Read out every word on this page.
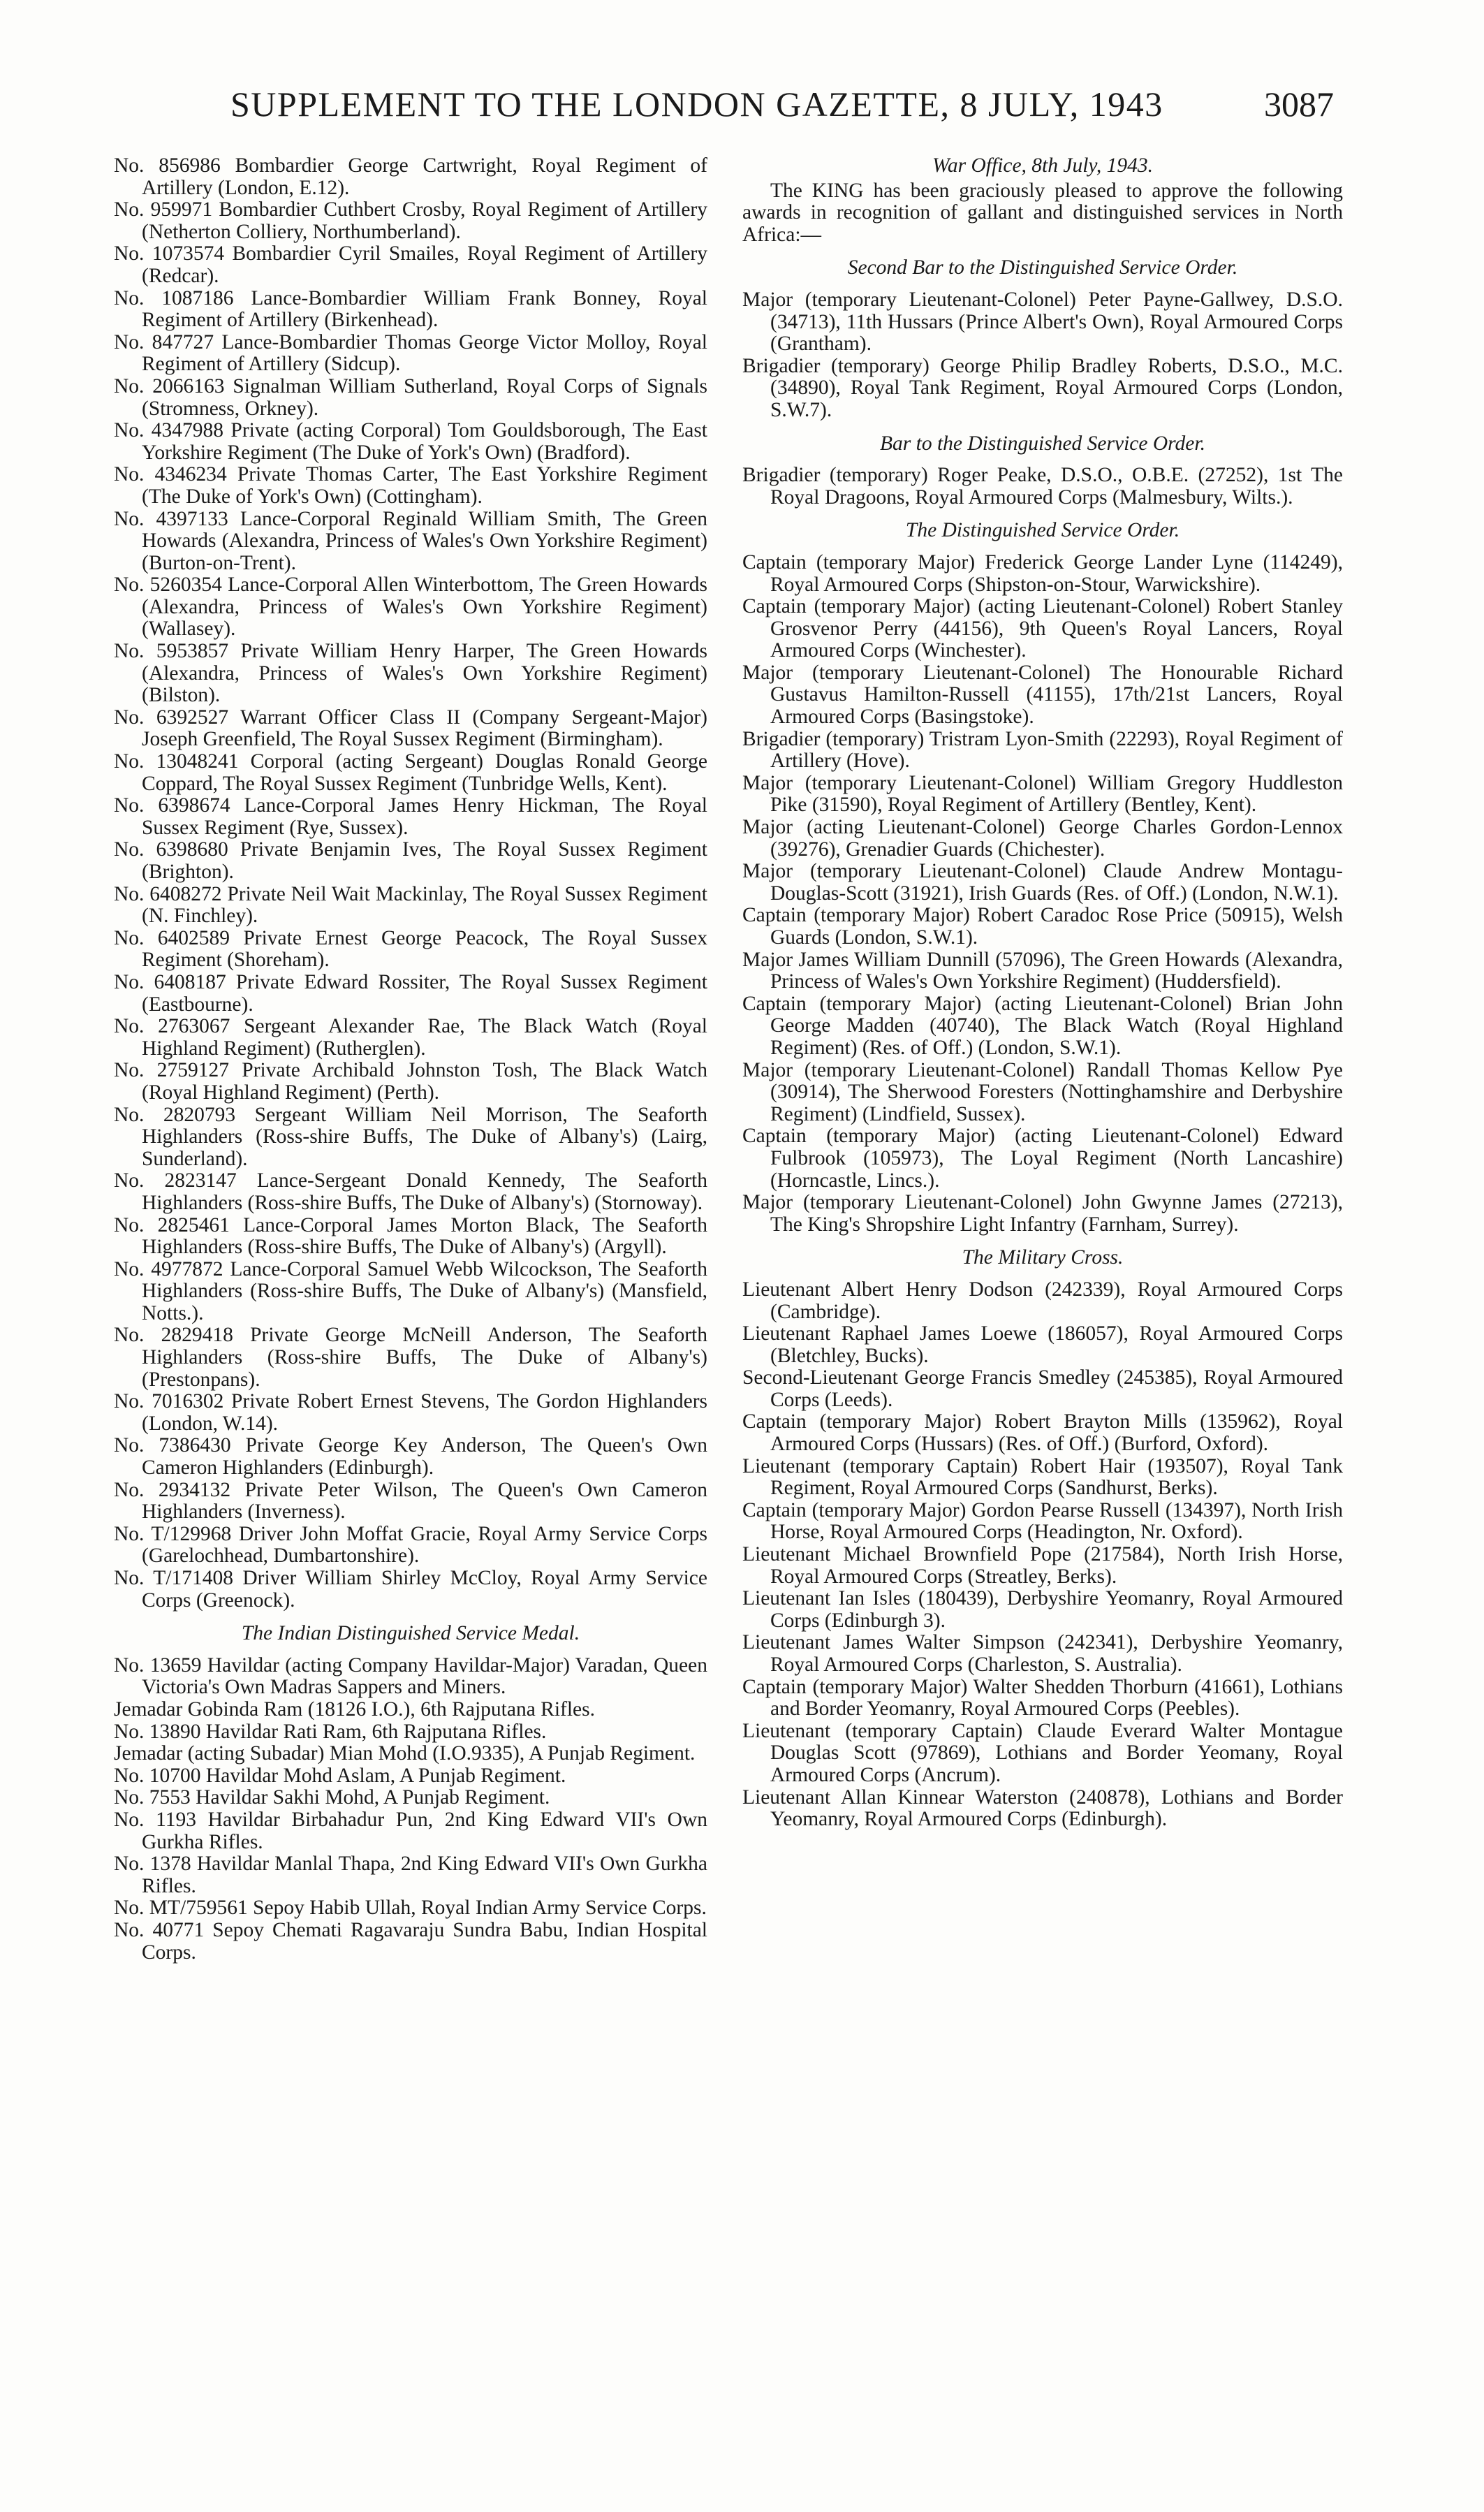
SUPPLEMENT TO THE LONDON GAZETTE, 8 JULY, 1943	3087

No. 856986 Bombardier George Cartwright, Royal Regiment of Artillery (London, E.12).

No. 959971 Bombardier Cuthbert Crosby, Royal Regiment of Artillery (Netherton Colliery, Northumberland).

No. 1073574 Bombardier Cyril Smailes, Royal Regiment of Artillery (Redcar).

No. 1087186 Lance-Bombardier William Frank Bonney, Royal Regiment of Artillery (Birkenhead).

No. 847727 Lance-Bombardier Thomas George Victor Molloy, Royal Regiment of Artillery (Sidcup).

No. 2066163 Signalman William Sutherland, Royal Corps of Signals (Stromness, Orkney).

No. 4347988 Private (acting Corporal) Tom Gouldsborough, The East Yorkshire Regiment (The Duke of York's Own) (Bradford).

No. 4346234 Private Thomas Carter, The East Yorkshire Regiment (The Duke of York's Own) (Cottingham).

No. 4397133 Lance-Corporal Reginald William Smith, The Green Howards (Alexandra, Princess of Wales's Own Yorkshire Regiment) (Burton-on-Trent).

No. 5260354 Lance-Corporal Allen Winterbottom, The Green Howards (Alexandra, Princess of Wales's Own Yorkshire Regiment) (Wallasey).

No. 5953857 Private William Henry Harper, The Green Howards (Alexandra, Princess of Wales's Own Yorkshire Regiment) (Bilston).

No. 6392527 Warrant Officer Class II (Company Sergeant-Major) Joseph Greenfield, The Royal Sussex Regiment (Birmingham).

No. 13048241 Corporal (acting Sergeant) Douglas Ronald George Coppard, The Royal Sussex Regiment (Tunbridge Wells, Kent).

No. 6398674 Lance-Corporal James Henry Hickman, The Royal Sussex Regiment (Rye, Sussex).

No. 6398680 Private Benjamin Ives, The Royal Sussex Regiment (Brighton).

No. 6408272 Private Neil Wait Mackinlay, The Royal Sussex Regiment (N. Finchley).

No. 6402589 Private Ernest George Peacock, The Royal Sussex Regiment (Shoreham).

No. 6408187 Private Edward Rossiter, The Royal Sussex Regiment (Eastbourne).

No. 2763067 Sergeant Alexander Rae, The Black Watch (Royal Highland Regiment) (Rutherglen).

No. 2759127 Private Archibald Johnston Tosh, The Black Watch (Royal Highland Regiment) (Perth).

No. 2820793 Sergeant William Neil Morrison, The Seaforth Highlanders (Ross-shire Buffs, The Duke of Albany's) (Lairg, Sunderland).

No. 2823147 Lance-Sergeant Donald Kennedy, The Seaforth Highlanders (Ross-shire Buffs, The Duke of Albany's) (Stornoway).

No. 2825461 Lance-Corporal James Morton Black, The Seaforth Highlanders (Ross-shire Buffs, The Duke of Albany's) (Argyll).

No. 4977872 Lance-Corporal Samuel Webb Wilcockson, The Seaforth Highlanders (Ross-shire Buffs, The Duke of Albany's) (Mansfield, Notts.).

No. 2829418 Private George McNeill Anderson, The Seaforth Highlanders (Ross-shire Buffs, The Duke of Albany's) (Prestonpans).

No. 7016302 Private Robert Ernest Stevens, The Gordon Highlanders (London, W.14).

No. 7386430 Private George Key Anderson, The Queen's Own Cameron Highlanders (Edinburgh).

No. 2934132 Private Peter Wilson, The Queen's Own Cameron Highlanders (Inverness).

No. T/129968 Driver John Moffat Gracie, Royal Army Service Corps (Garelochhead, Dumbartonshire).

No. T/171408 Driver William Shirley McCloy, Royal Army Service Corps (Greenock).

The Indian Distinguished Service Medal.

No. 13659 Havildar (acting Company Havildar-Major) Varadan, Queen Victoria's Own Madras Sappers and Miners.

Jemadar Gobinda Ram (18126 I.O.), 6th Rajputana Rifles.

No. 13890 Havildar Rati Ram, 6th Rajputana Rifles.

Jemadar (acting Subadar) Mian Mohd (I.O.9335), A Punjab Regiment.

No. 10700 Havildar Mohd Aslam, A Punjab Regiment.

No. 7553 Havildar Sakhi Mohd, A Punjab Regiment.

No. 1193 Havildar Birbahadur Pun, 2nd King Edward VII's Own Gurkha Rifles.

No. 1378 Havildar Manlal Thapa, 2nd King Edward VII's Own Gurkha Rifles.

No. MT/759561 Sepoy Habib Ullah, Royal Indian Army Service Corps.

No. 40771 Sepoy Chemati Ragavaraju Sundra Babu, Indian Hospital Corps.

War Office, 8th July, 1943.
The KING has been graciously pleased to approve the following awards in recognition of gallant and distinguished services in North Africa:—
Second Bar to the Distinguished Service Order.

Major (temporary Lieutenant-Colonel) Peter Payne-Gallwey, D.S.O. (34713), 11th Hussars (Prince Albert's Own), Royal Armoured Corps (Grantham).

Brigadier (temporary) George Philip Bradley Roberts, D.S.O., M.C. (34890), Royal Tank Regiment, Royal Armoured Corps (London, S.W.7).

Bar to the Distinguished Service Order.

Brigadier (temporary) Roger Peake, D.S.O., O.B.E. (27252), 1st The Royal Dragoons, Royal Armoured Corps (Malmesbury, Wilts.).

The Distinguished Service Order.

Captain (temporary Major) Frederick George Lander Lyne (114249), Royal Armoured Corps (Shipston-on-Stour, Warwickshire).

Captain (temporary Major) (acting Lieutenant-Colonel) Robert Stanley Grosvenor Perry (44156), 9th Queen's Royal Lancers, Royal Armoured Corps (Winchester).

Major (temporary Lieutenant-Colonel) The Honourable Richard Gustavus Hamilton-Russell (41155), 17th/21st Lancers, Royal Armoured Corps (Basingstoke).

Brigadier (temporary) Tristram Lyon-Smith (22293), Royal Regiment of Artillery (Hove).

Major (temporary Lieutenant-Colonel) William Gregory Huddleston Pike (31590), Royal Regiment of Artillery (Bentley, Kent).

Major (acting Lieutenant-Colonel) George Charles Gordon-Lennox (39276), Grenadier Guards (Chichester).

Major (temporary Lieutenant-Colonel) Claude Andrew Montagu-Douglas-Scott (31921), Irish Guards (Res. of Off.) (London, N.W.1).

Captain (temporary Major) Robert Caradoc Rose Price (50915), Welsh Guards (London, S.W.1).

Major James William Dunnill (57096), The Green Howards (Alexandra, Princess of Wales's Own Yorkshire Regiment) (Huddersfield).

Captain (temporary Major) (acting Lieutenant-Colonel) Brian John George Madden (40740), The Black Watch (Royal Highland Regiment) (Res. of Off.) (London, S.W.1).

Major (temporary Lieutenant-Colonel) Randall Thomas Kellow Pye (30914), The Sherwood Foresters (Nottinghamshire and Derbyshire Regiment) (Lindfield, Sussex).

Captain (temporary Major) (acting Lieutenant-Colonel) Edward Fulbrook (105973), The Loyal Regiment (North Lancashire) (Horncastle, Lincs.).

Major (temporary Lieutenant-Colonel) John Gwynne James (27213), The King's Shropshire Light Infantry (Farnham, Surrey).

The Military Cross.

Lieutenant Albert Henry Dodson (242339), Royal Armoured Corps (Cambridge).

Lieutenant Raphael James Loewe (186057), Royal Armoured Corps (Bletchley, Bucks).

Second-Lieutenant George Francis Smedley (245385), Royal Armoured Corps (Leeds).

Captain (temporary Major) Robert Brayton Mills (135962), Royal Armoured Corps (Hussars) (Res. of Off.) (Burford, Oxford).

Lieutenant (temporary Captain) Robert Hair (193507), Royal Tank Regiment, Royal Armoured Corps (Sandhurst, Berks).

Captain (temporary Major) Gordon Pearse Russell (134397), North Irish Horse, Royal Armoured Corps (Headington, Nr. Oxford).

Lieutenant Michael Brownfield Pope (217584), North Irish Horse, Royal Armoured Corps (Streatley, Berks).

Lieutenant Ian Isles (180439), Derbyshire Yeomanry, Royal Armoured Corps (Edinburgh 3).

Lieutenant James Walter Simpson (242341), Derbyshire Yeomanry, Royal Armoured Corps (Charleston, S. Australia).

Captain (temporary Major) Walter Shedden Thorburn (41661), Lothians and Border Yeomanry, Royal Armoured Corps (Peebles).

Lieutenant (temporary Captain) Claude Everard Walter Montague Douglas Scott (97869), Lothians and Border Yeomany, Royal Armoured Corps (Ancrum).

Lieutenant Allan Kinnear Waterston (240878), Lothians and Border Yeomanry, Royal Armoured Corps (Edinburgh).
